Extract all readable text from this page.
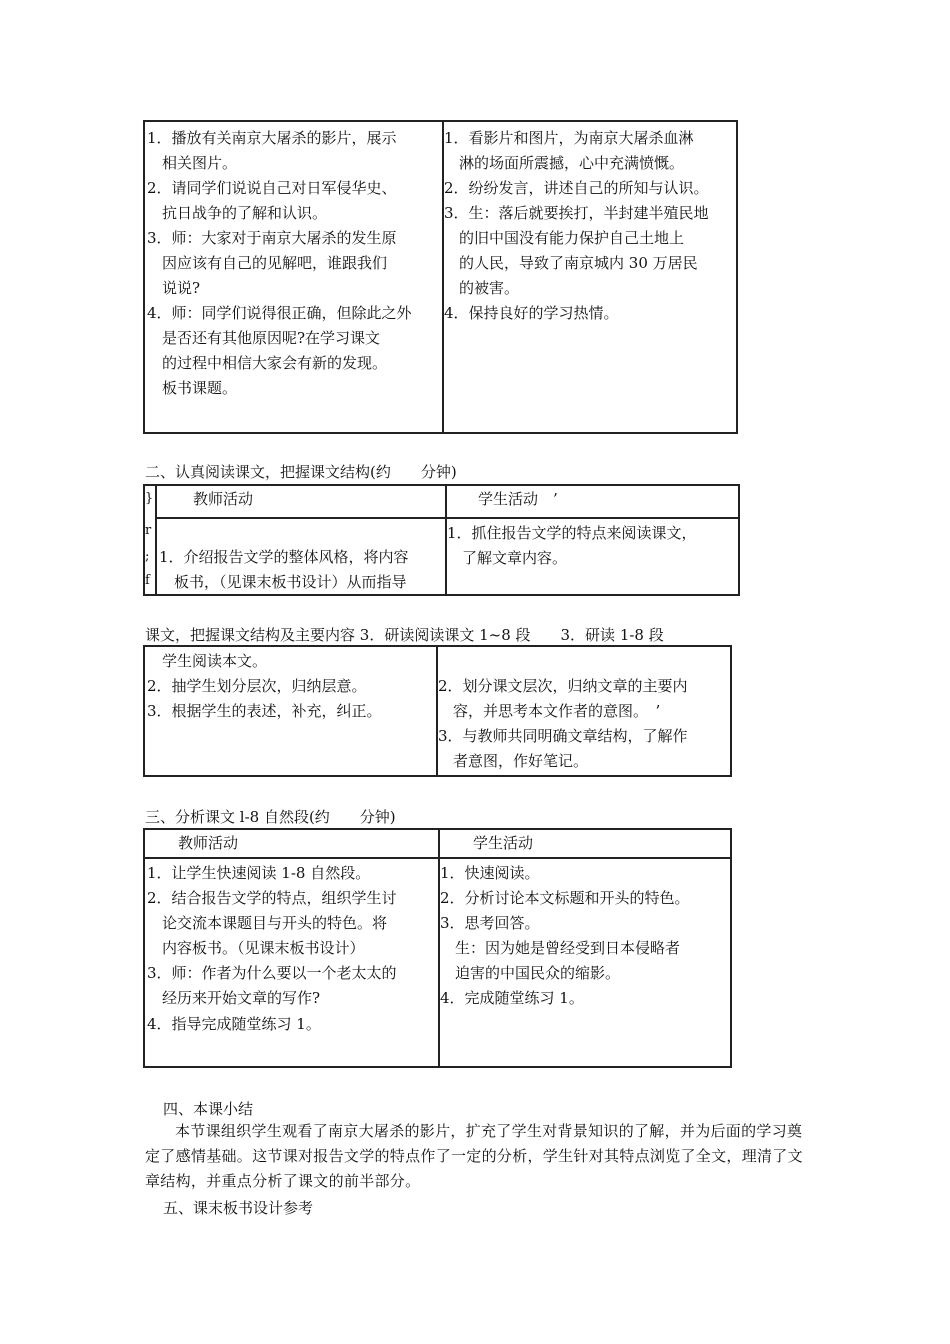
1．播放有关南京大屠杀的影片，展示
　相关图片。
2．请同学们说说自己对日军侵华史、
　抗日战争的了解和认识。
3．师：大家对于南京大屠杀的发生原
　因应该有自己的见解吧，谁跟我们
　说说?
4．师：同学们说得很正确，但除此之外
　是否还有其他原因呢?在学习课文
　的过程中相信大家会有新的发现。
　板书课题。
1．看影片和图片，为南京大屠杀血淋
　淋的场面所震撼，心中充满愤慨。
2．纷纷发言，讲述自己的所知与认识。
3．生：落后就要挨打，半封建半殖民地
　的旧中国没有能力保护自己土地上
　的人民，导致了南京城内 30 万居民
　的被害。
4．保持良好的学习热情。
二、认真阅读课文，把握课文结构(约　　分钟)
}
r
;
f
教师活动	学生活动　’
1．介绍报告文学的整体风格，将内容
　板书，（见课末板书设计）从而指导
1．抓住报告文学的特点来阅读课文，
　了解文章内容。
课文，把握课文结构及主要内容 3．研读阅读课文 1~8 段　　3．研读 1-8 段
　学生阅读本文。
2．抽学生划分层次，归纳层意。
3．根据学生的表述，补充，纠正。
2．划分课文层次，归纳文章的主要内
　容，并思考本文作者的意图。　’
3．与教师共同明确文章结构，了解作
　者意图，作好笔记。
三、分析课文 l-8 自然段(约　　分钟)
教师活动	学生活动
1．让学生快速阅读 1-8 自然段。
2．结合报告文学的特点，组织学生讨
　论交流本课题目与开头的特色。将
　内容板书。（见课末板书设计）
3．师：作者为什么要以一个老太太的
　经历来开始文章的写作?
4．指导完成随堂练习 1。
1．快速阅读。
2．分析讨论本文标题和开头的特色。
3．思考回答。
　生：因为她是曾经受到日本侵略者
　迫害的中国民众的缩影。
4．完成随堂练习 1。
四、本课小结
本节课组织学生观看了南京大屠杀的影片，扩充了学生对背景知识的了解，并为后面的学习奠定了感情基础。这节课对报告文学的特点作了一定的分析，学生针对其特点浏览了全文，理清了文章结构，并重点分析了课文的前半部分。
五、课末板书设计参考
